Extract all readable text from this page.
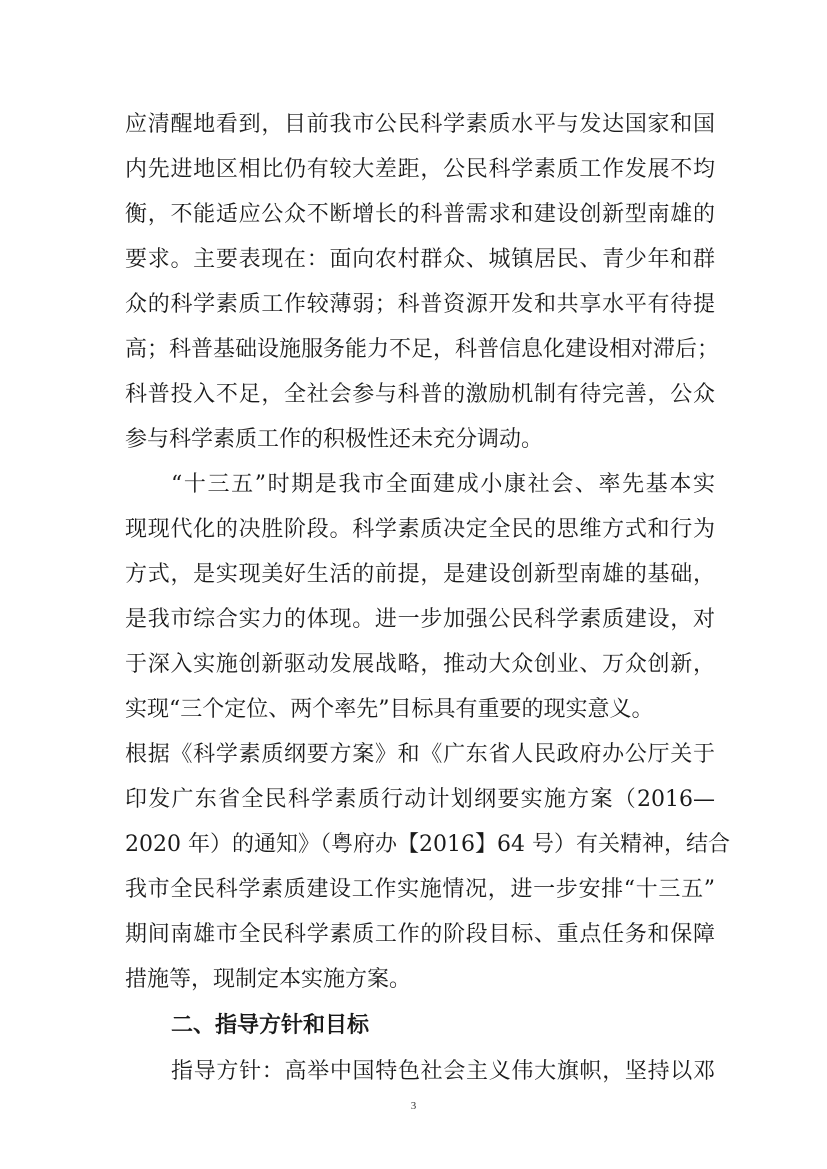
应清醒地看到，目前我市公民科学素质水平与发达国家和国
内先进地区相比仍有较大差距，公民科学素质工作发展不均
衡，不能适应公众不断增长的科普需求和建设创新型南雄的
要求。主要表现在：面向农村群众、城镇居民、青少年和群
众的科学素质工作较薄弱；科普资源开发和共享水平有待提
高；科普基础设施服务能力不足，科普信息化建设相对滞后；
科普投入不足，全社会参与科普的激励机制有待完善，公众
参与科学素质工作的积极性还未充分调动。
“十三五”时期是我市全面建成小康社会、率先基本实
现现代化的决胜阶段。科学素质决定全民的思维方式和行为
方式，是实现美好生活的前提，是建设创新型南雄的基础，
是我市综合实力的体现。进一步加强公民科学素质建设，对
于深入实施创新驱动发展战略，推动大众创业、万众创新，
实现“三个定位、两个率先”目标具有重要的现实意义。
根据《科学素质纲要方案》和《广东省人民政府办公厅关于
印发广东省全民科学素质行动计划纲要实施方案（2016—
2020 年）的通知》（粤府办【2016】64 号）有关精神，结合
我市全民科学素质建设工作实施情况，进一步安排“十三五”
期间南雄市全民科学素质工作的阶段目标、重点任务和保障
措施等，现制定本实施方案。
二、指导方针和目标
指导方针：高举中国特色社会主义伟大旗帜，坚持以邓
3
